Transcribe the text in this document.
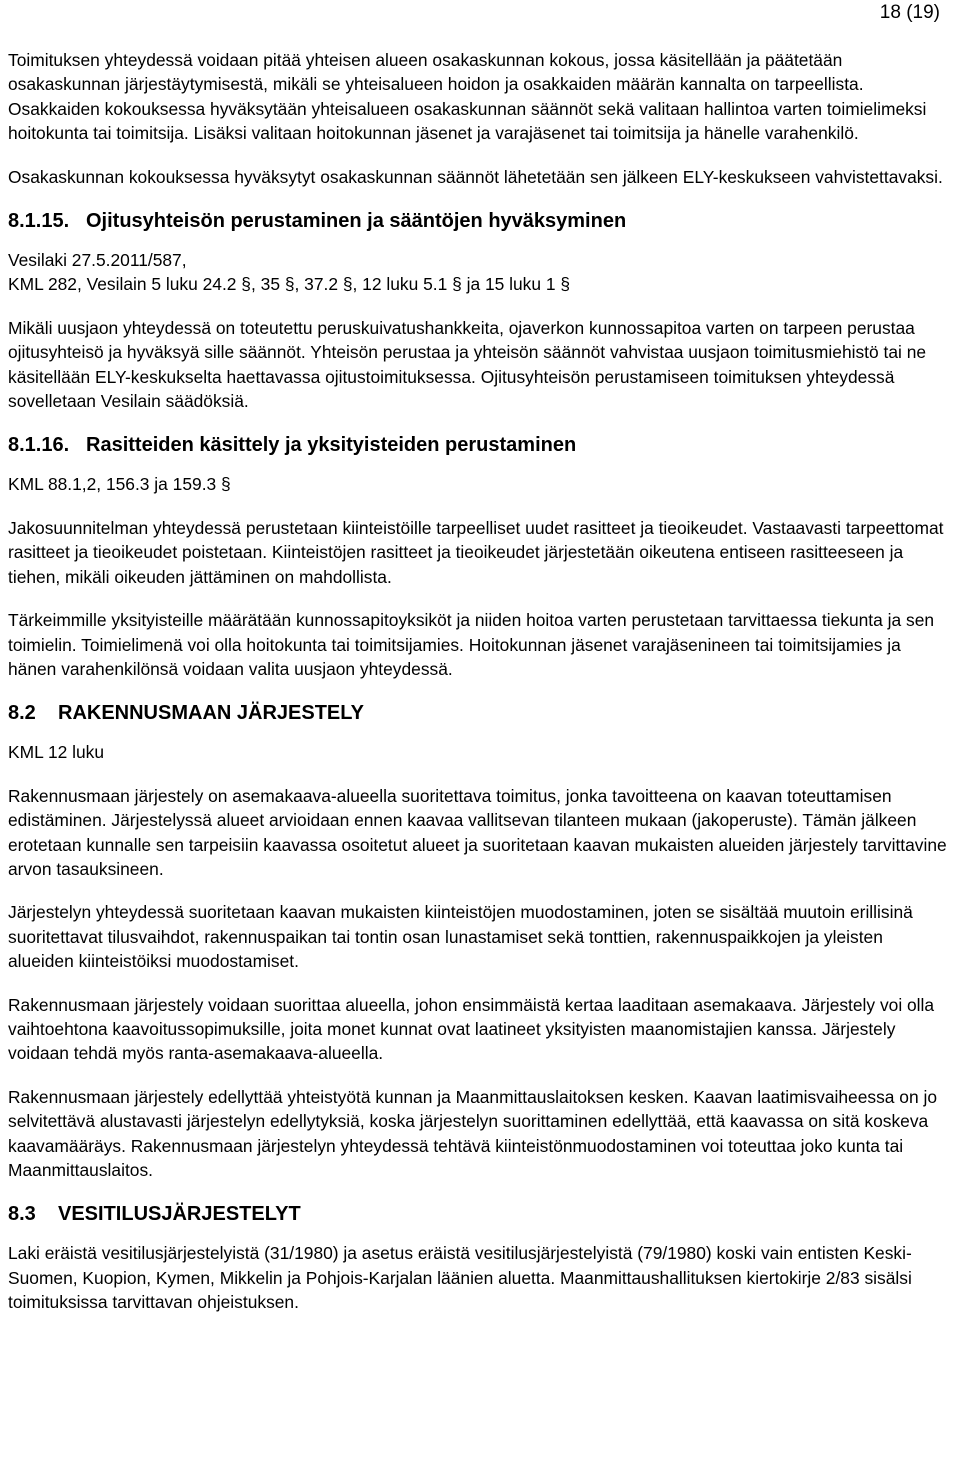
18 (19)

Toimituksen yhteydessä voidaan pitää yhteisen alueen osakaskunnan kokous, jossa käsitellään ja päätetään osakaskunnan järjestäytymisestä, mikäli se yhteisalueen hoidon ja osakkaiden määrän kannalta on tarpeellista. Osakkaiden kokouksessa hyväksytään yhteisalueen osakaskunnan säännöt sekä valitaan hallintoa varten toimielimeksi hoitokunta tai toimitsija. Lisäksi valitaan hoitokunnan jäsenet ja varajäsenet tai toimitsija ja hänelle varahenkilö.

Osakaskunnan kokouksessa hyväksytyt osakaskunnan säännöt lähetetään sen jälkeen ELY-keskukseen vahvistettavaksi.

8.1.15. Ojitusyhteisön perustaminen ja sääntöjen hyväksyminen
Vesilaki 27.5.2011/587,
KML 282, Vesilain 5 luku 24.2 §, 35 §, 37.2 §, 12 luku 5.1 § ja 15 luku 1 §

Mikäli uusjaon yhteydessä on toteutettu peruskuivatushankkeita, ojaverkon kunnossapitoa varten on tarpeen perustaa ojitusyhteisö ja hyväksyä sille säännöt. Yhteisön perustaa ja yhteisön säännöt vahvistaa uusjaon toimitusmiehistö tai ne käsitellään ELY-keskukselta haettavassa ojitustoimituksessa. Ojitusyhteisön perustamiseen toimituksen yhteydessä sovelletaan Vesilain säädöksiä.

8.1.16. Rasitteiden käsittely ja yksityisteiden perustaminen
KML 88.1,2, 156.3 ja 159.3 §

Jakosuunnitelman yhteydessä perustetaan kiinteistöille tarpeelliset uudet rasitteet ja tieoikeudet. Vastaavasti tarpeettomat rasitteet ja tieoikeudet poistetaan. Kiinteistöjen rasitteet ja tieoikeudet järjestetään oikeutena entiseen rasitteeseen ja tiehen, mikäli oikeuden jättäminen on mahdollista.

Tärkeimmille yksityisteille määrätään kunnossapitoyksiköt ja niiden hoitoa varten perustetaan tarvittaessa tiekunta ja sen toimielin. Toimielimenä voi olla hoitokunta tai toimitsijamies. Hoitokunnan jäsenet varajäsenineen tai toimitsijamies ja hänen varahenkilönsä voidaan valita uusjaon yhteydessä.

8.2 RAKENNUSMAAN JÄRJESTELY
KML 12 luku

Rakennusmaan järjestely on asemakaava-alueella suoritettava toimitus, jonka tavoitteena on kaavan toteuttamisen edistäminen. Järjestelyssä alueet arvioidaan ennen kaavaa vallitsevan tilanteen mukaan (jakoperuste). Tämän jälkeen erotetaan kunnalle sen tarpeisiin kaavassa osoitetut alueet ja suoritetaan kaavan mukaisten alueiden järjestely tarvittavine arvon tasauksineen.

Järjestelyn yhteydessä suoritetaan kaavan mukaisten kiinteistöjen muodostaminen, joten se sisältää muutoin erillisinä suoritettavat tilusvaihdot, rakennuspaikan tai tontin osan lunastamiset sekä tonttien, rakennuspaikkojen ja yleisten alueiden kiinteistöiksi muodostamiset.

Rakennusmaan järjestely voidaan suorittaa alueella, johon ensimmäistä kertaa laaditaan asemakaava. Järjestely voi olla vaihtoehtona kaavoitussopimuksille, joita monet kunnat ovat laatineet yksityisten maanomistajien kanssa. Järjestely voidaan tehdä myös ranta-asemakaava-alueella.

Rakennusmaan järjestely edellyttää yhteistyötä kunnan ja Maanmittauslaitoksen kesken. Kaavan laatimisvaiheessa on jo selvitettävä alustavasti järjestelyn edellytyksiä, koska järjestelyn suorittaminen edellyttää, että kaavassa on sitä koskeva kaavamääräys. Rakennusmaan järjestelyn yhteydessä tehtävä kiinteistönmuodostaminen voi toteuttaa joko kunta tai Maanmittauslaitos.

8.3 VESITILUSJÄRJESTELYT

Laki eräistä vesitilusjärjestelyistä (31/1980) ja asetus eräistä vesitilusjärjestelyistä (79/1980) koski vain entisten Keski-Suomen, Kuopion, Kymen, Mikkelin ja Pohjois-Karjalan läänien aluetta. Maanmittaushallituksen kiertokirje 2/83 sisälsi toimituksissa tarvittavan ohjeistuksen.
